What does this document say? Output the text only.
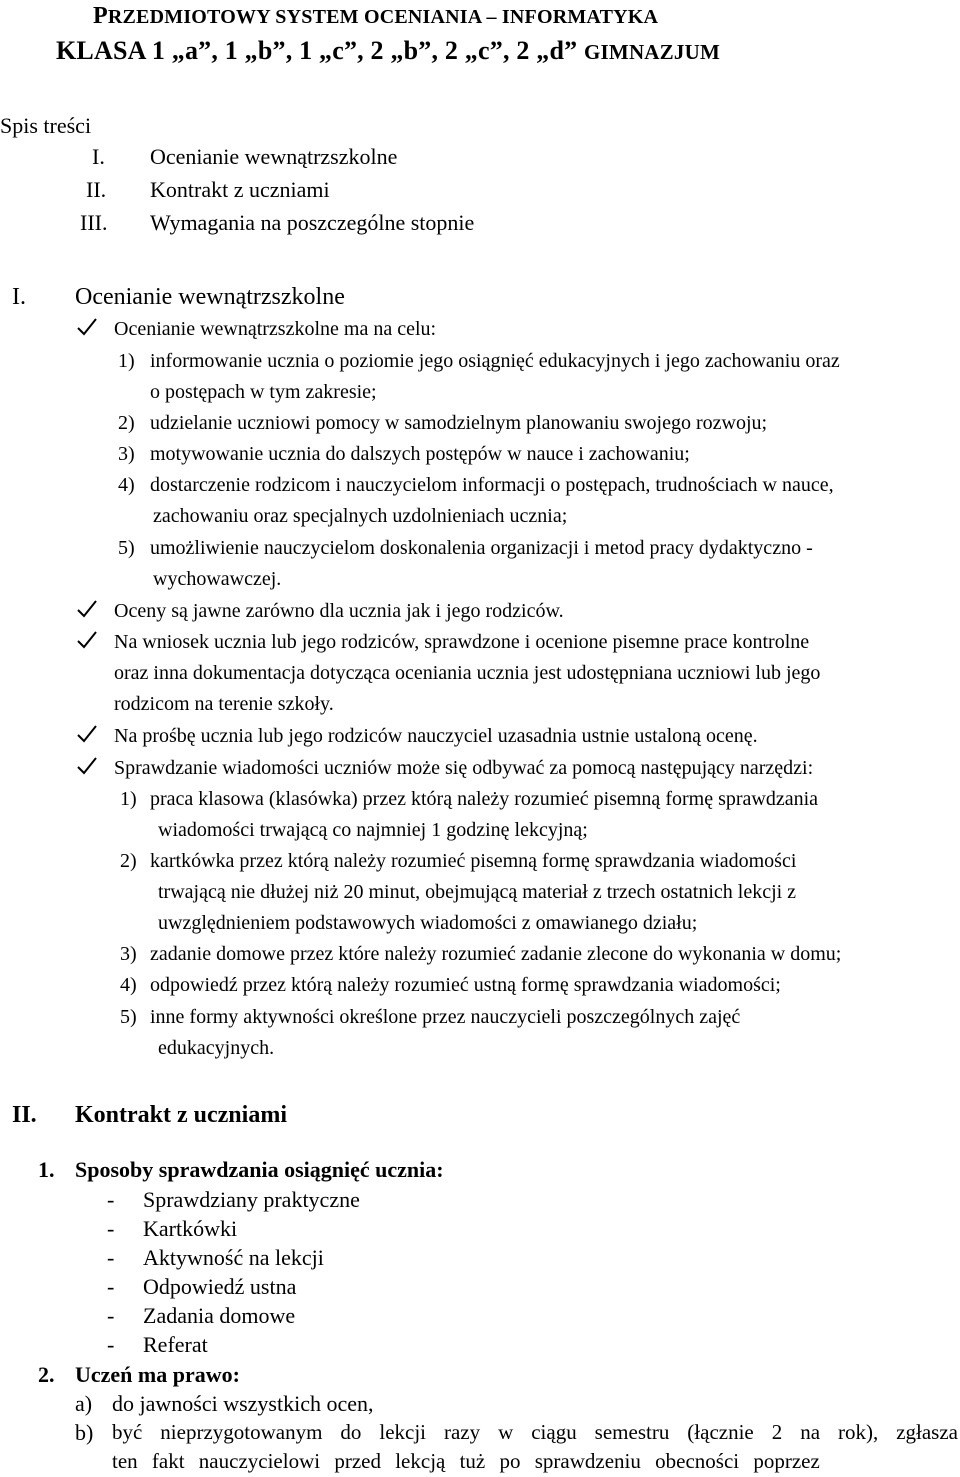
PRZEDMIOTOWY SYSTEM OCENIANIA – INFORMATYKA
KLASA 1 „a”, 1 „b”, 1 „c”, 2 „b”, 2 „c”, 2 „d” GIMNAZJUM
Spis treści
I. Ocenianie wewnątrzszkolne
II. Kontrakt z uczniami
III. Wymagania na poszczególne stopnie
I. Ocenianie wewnątrzszkolne
Ocenianie wewnątrzszkolne ma na celu:
1) informowanie ucznia o poziomie jego osiągnięć edukacyjnych i jego zachowaniu oraz
o postępach w tym zakresie;
2) udzielanie uczniowi pomocy w samodzielnym planowaniu swojego rozwoju;
3) motywowanie ucznia do dalszych postępów w nauce i zachowaniu;
4) dostarczenie rodzicom i nauczycielom informacji o postępach, trudnościach w nauce,
zachowaniu oraz specjalnych uzdolnieniach ucznia;
5) umożliwienie nauczycielom doskonalenia organizacji i metod pracy dydaktyczno -
wychowawczej.
Oceny są jawne zarówno dla ucznia jak i jego rodziców.
Na wniosek ucznia lub jego rodziców, sprawdzone i ocenione pisemne prace kontrolne
oraz inna dokumentacja dotycząca oceniania ucznia jest udostępniana uczniowi lub jego
rodzicom na terenie szkoły.
Na prośbę ucznia lub jego rodziców nauczyciel uzasadnia ustnie ustaloną ocenę.
Sprawdzanie wiadomości uczniów może się odbywać za pomocą następujący narzędzi:
1) praca klasowa (klasówka) przez którą należy rozumieć pisemną formę sprawdzania
wiadomości trwającą co najmniej 1 godzinę lekcyjną;
2) kartkówka przez którą należy rozumieć pisemną formę sprawdzania wiadomości
trwającą nie dłużej niż 20 minut, obejmującą materiał z trzech ostatnich lekcji z
uwzględnieniem podstawowych wiadomości z omawianego działu;
3) zadanie domowe przez które należy rozumieć zadanie zlecone do wykonania w domu;
4) odpowiedź przez którą należy rozumieć ustną formę sprawdzania wiadomości;
5) inne formy aktywności określone przez nauczycieli poszczególnych zajęć
edukacyjnych.
II. Kontrakt z uczniami
1. Sposoby sprawdzania osiągnięć ucznia:
- Sprawdziany praktyczne
- Kartkówki
- Aktywność na lekcji
- Odpowiedź ustna
- Zadania domowe
- Referat
2. Uczeń ma prawo:
a) do jawności wszystkich ocen,
b) być nieprzygotowanym do lekcji razy w ciągu semestru (łącznie 2 na rok), zgłasza
ten fakt nauczycielowi przed lekcją tuż po sprawdzeniu obecności poprzez
